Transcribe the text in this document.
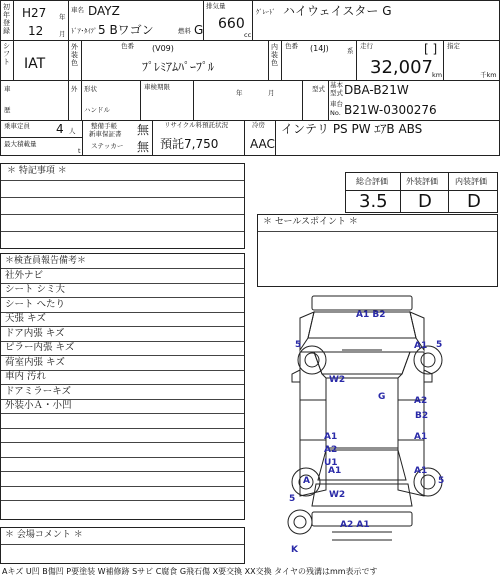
初年登録
H27 年
12 月
車名 DAYZ
ﾄﾞｱ･ﾀｲﾌﾟ 5 Bワゴン	燃料 G
排気量
660
cc
ｸﾞﾚｰﾄﾞ ハイウェイスター G
シフト IAT
外装色
色番 (V09)
ﾌﾟﾚﾐｱﾑﾊﾟｰﾌﾟﾙ
内装色
色番 (14J)	系
走行	[ ]
32,007 km
指定
千km
車
歴
外 形状
ハンドル
車検期限
年	月	型式 基本
型式 DBA-B21W
車台
No. B21W-0300276
乗車定員 4 人
最大積載量
t
整備手帳
新車保証書 無
ステッカー 無
リサイクル料預託状況
預託7,750
冷房
AAC
インテリ PS PW ｴｱB ABS
＊ 特記事項 ＊
総合評価 外装評価 内装評価
3.5 D D
＊ セールスポイント ＊
＊検査員報告備考＊
社外ナビ
シート シミ大
シート へたり
天張 キズ
ドア内張 キズ
ピラー内張 キズ
荷室内張 キズ
車内 汚れ
ドアミラーキズ
外装小Ａ・小凹
＊ 会場コメント ＊
Aキズ U凹 B傷凹 P要塗装 W補修跡 Sサビ C腐食 G飛石傷 X要交換 XX交換 タイヤの残溝はmm表示です
A1 B2
5	5
A1
W2
G	A2
B2
A1
A2
A1
U1
A1	A1
A
W2
5
5
A2 A1
K
